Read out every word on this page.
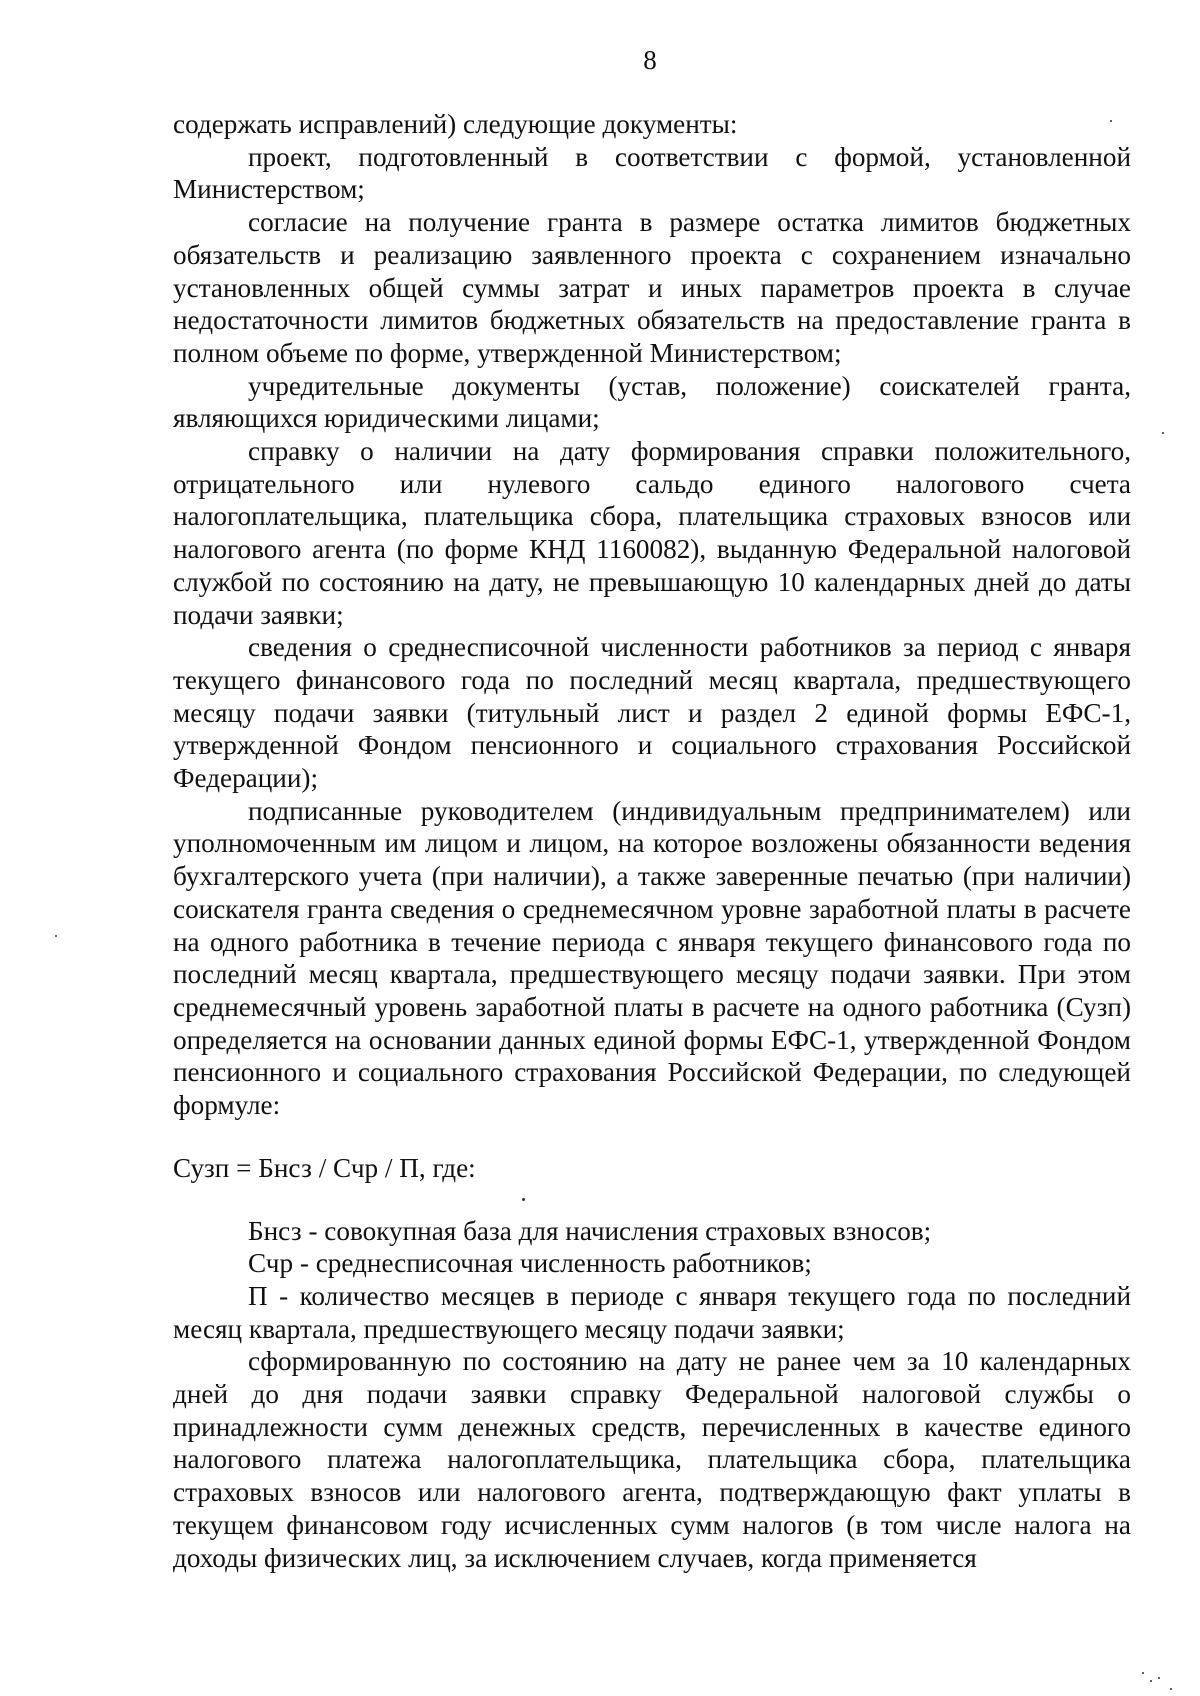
8

содержать исправлений) следующие документы:

проект, подготовленный в соответствии с формой, установленной Министерством;

согласие на получение гранта в размере остатка лимитов бюджетных обязательств и реализацию заявленного проекта с сохранением изначально установленных общей суммы затрат и иных параметров проекта в случае недостаточности лимитов бюджетных обязательств на предоставление гранта в полном объеме по форме, утвержденной Министерством;

учредительные документы (устав, положение) соискателей гранта, являющихся юридическими лицами;

справку о наличии на дату формирования справки положительного, отрицательного или нулевого сальдо единого налогового счета налогоплательщика, плательщика сбора, плательщика страховых взносов или налогового агента (по форме КНД 1160082), выданную Федеральной налоговой службой по состоянию на дату, не превышающую 10 календарных дней до даты подачи заявки;

сведения о среднесписочной численности работников за период с января текущего финансового года по последний месяц квартала, предшествующего месяцу подачи заявки (титульный лист и раздел 2 единой формы ЕФС-1, утвержденной Фондом пенсионного и социального страхования Российской Федерации);

подписанные руководителем (индивидуальным предпринимателем) или уполномоченным им лицом и лицом, на которое возложены обязанности ведения бухгалтерского учета (при наличии), а также заверенные печатью (при наличии) соискателя гранта сведения о среднемесячном уровне заработной платы в расчете на одного работника в течение периода с января текущего финансового года по последний месяц квартала, предшествующего месяцу подачи заявки. При этом среднемесячный уровень заработной платы в расчете на одного работника (Сузп) определяется на основании данных единой формы ЕФС-1, утвержденной Фондом пенсионного и социального страхования Российской Федерации, по следующей формуле:

Сузп = Бнсз / Счр / П, где:

Бнсз - совокупная база для начисления страховых взносов;

Счр - среднесписочная численность работников;

П - количество месяцев в периоде с января текущего года по последний месяц квартала, предшествующего месяцу подачи заявки;

сформированную по состоянию на дату не ранее чем за 10 календарных дней до дня подачи заявки справку Федеральной налоговой службы о принадлежности сумм денежных средств, перечисленных в качестве единого налогового платежа налогоплательщика, плательщика сбора, плательщика страховых взносов или налогового агента, подтверждающую факт уплаты в текущем финансовом году исчисленных сумм налогов (в том числе налога на доходы физических лиц, за исключением случаев, когда применяется
